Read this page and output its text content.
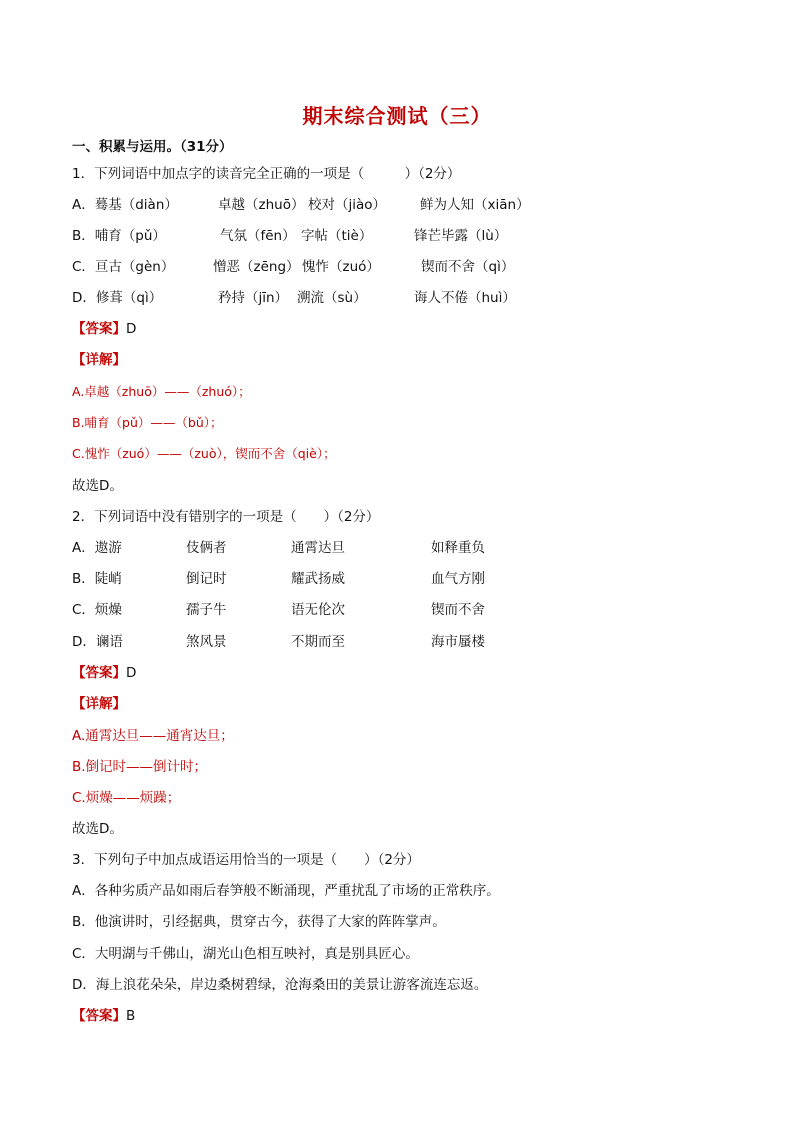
期末综合测试（三）
一、积累与运用。（31分）
1．下列词语中加点字的读音完全正确的一项是（　　　）（2分）
A．蓦基（diàn）	卓越（zhuō） 校对（jiào）	鲜为人知（xiān）
B．哺育（pǔ）	气氛（fēn） 字帖（tiè）	锋芒毕露（lù）
C．亘古（gèn）	憎恶（zēng） 愧怍（zuó）	锲而不舍（qì）
D．修葺（qì）	矜持（jīn） 溯流（sù）	诲人不倦（huì）
【答案】D
【详解】
A.卓越（zhuō）——（zhuó）；
B.哺育（pǔ）——（bǔ）；
C.愧怍（zuó）——（zuò），锲而不舍（qiè）；
故选D。
2．下列词语中没有错别字的一项是（　　）（2分）
A．遨游	伎俩者	通霄达旦	如释重负
B．陡峭	倒记时	耀武扬威	血气方刚
C．烦燥	孺子牛	语无伦次	锲而不舍
D．谰语	煞风景	不期而至	海市蜃楼
【答案】D
【详解】
A.通霄达旦——通宵达旦；
B.倒记时——倒计时；
C.烦燥——烦躁；
故选D。
3．下列句子中加点成语运用恰当的一项是（　　）（2分）
A．各种劣质产品如雨后春笋般不断涌现，严重扰乱了市场的正常秩序。
B．他演讲时，引经据典，贯穿古今，获得了大家的阵阵掌声。
C．大明湖与千佛山，湖光山色相互映衬，真是别具匠心。
D．海上浪花朵朵，岸边桑树碧绿，沧海桑田的美景让游客流连忘返。
【答案】B
